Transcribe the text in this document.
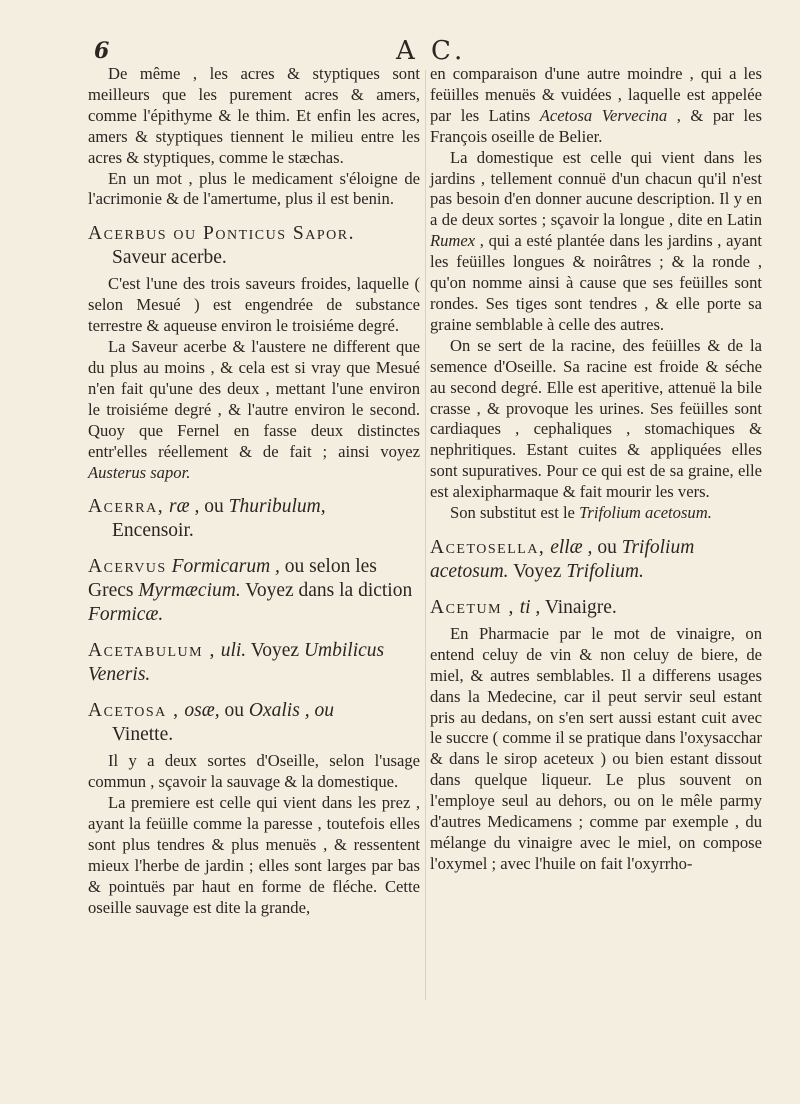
6	A C.

De même , les acres & styptiques sont meilleurs que les purement acres & amers, comme l'épithyme & le thim. Et enfin les acres, amers & styptiques tiennent le milieu entre les acres & styptiques, comme le stæchas.

En un mot , plus le medicament s'éloigne de l'acrimonie & de l'amertume, plus il est benin.

Acerbus ou Ponticus Sapor.
Saveur acerbe.

C'est l'une des trois saveurs froides, laquelle ( selon Mesué ) est engendrée de substance terrestre & aqueuse environ le troisiéme degré.

La Saveur acerbe & l'austere ne different que du plus au moins , & cela est si vray que Mesué n'en fait qu'une des deux , mettant l'une environ le troisiéme degré , & l'autre environ le second. Quoy que Fernel en fasse deux distinctes entr'elles réellement & de fait ; ainsi voyez Austerus sapor.

Acerra, ræ , ou Thuribulum,
Encensoir.
Acervus Formicarum , ou selon les Grecs Myrmæcium. Voyez dans la diction Formicæ.
Acetabulum , uli. Voyez Umbilicus Veneris.
Acetosa , osæ, ou Oxalis , ou
Vinette.

Il y a deux sortes d'Oseille, selon l'usage commun , sçavoir la sauvage & la domestique.

La premiere est celle qui vient dans les prez , ayant la feüille comme la paresse , toutefois elles sont plus tendres & plus menuës , & ressentent mieux l'herbe de jardin ; elles sont larges par bas & pointuës par haut en forme de fléche. Cette oseille sauvage est dite la grande,

en comparaison d'une autre moindre , qui a les feüilles menuës & vuidées , laquelle est appelée par les Latins Acetosa Vervecina , & par les François oseille de Belier.

La domestique est celle qui vient dans les jardins , tellement connuë d'un chacun qu'il n'est pas besoin d'en donner aucune description. Il y en a de deux sortes ; sçavoir la longue , dite en Latin Rumex , qui a esté plantée dans les jardins , ayant les feüilles longues & noirâtres ; & la ronde , qu'on nomme ainsi à cause que ses feüilles sont rondes. Ses tiges sont tendres , & elle porte sa graine semblable à celle des autres.

On se sert de la racine, des feüilles & de la semence d'Oseille. Sa racine est froide & séche au second degré. Elle est aperitive, attenuë la bile crasse , & provoque les urines. Ses feüilles sont cardiaques , cephaliques , stomachiques & nephritiques. Estant cuites & appliquées elles sont supuratives. Pour ce qui est de sa graine, elle est alexipharmaque & fait mourir les vers.

Son substitut est le Trifolium acetosum.

Acetosella, ellæ , ou Trifolium acetosum. Voyez Trifolium.
Acetum , ti , Vinaigre.

En Pharmacie par le mot de vinaigre, on entend celuy de vin & non celuy de biere, de miel, & autres semblables. Il a differens usages dans la Medecine, car il peut servir seul estant pris au dedans, on s'en sert aussi estant cuit avec le succre ( comme il se pratique dans l'oxysacchar & dans le sirop aceteux ) ou bien estant dissout dans quelque liqueur. Le plus souvent on l'employe seul au dehors, ou on le mêle parmy d'autres Medicamens ; comme par exemple , du mélange du vinaigre avec le miel, on compose l'oxymel ; avec l'huile on fait l'oxyrrho-
